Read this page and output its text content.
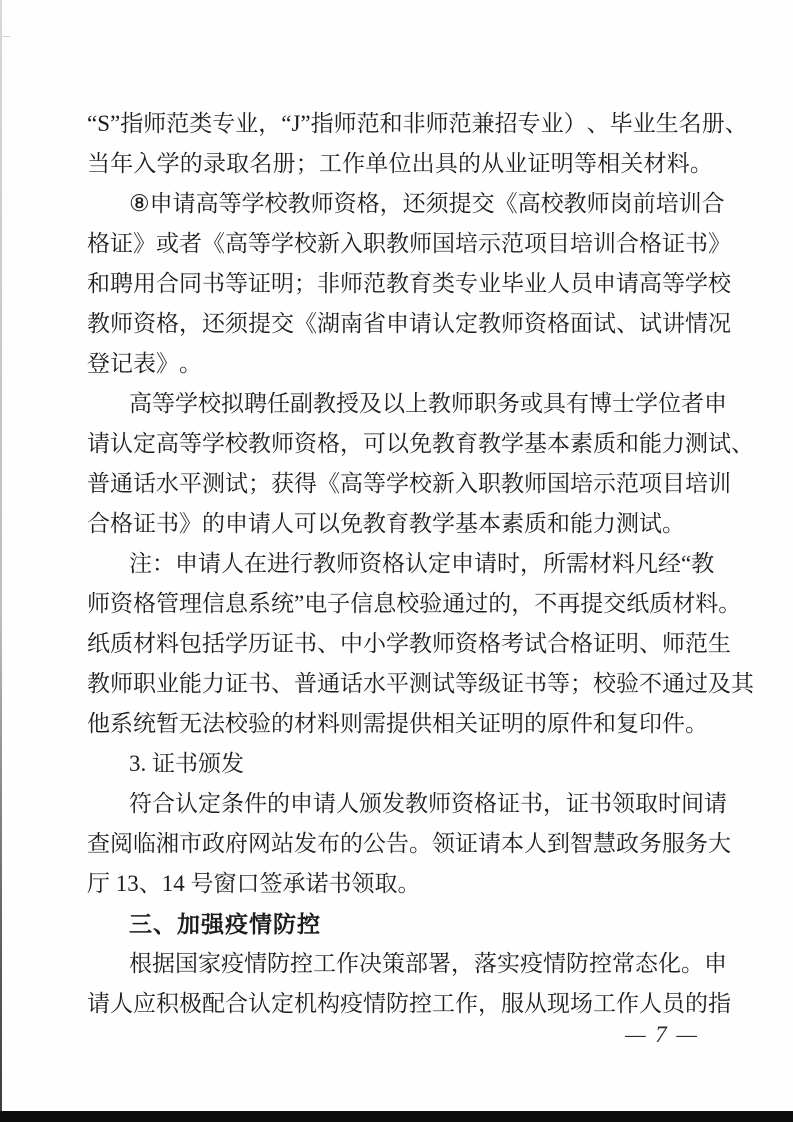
“ S ” 指 师 范 类 专 业 ， “ J ” 指 师 范 和 非 师 范 兼 招 专 业 ） 、 毕 业 生 名 册 、
当 年 入 学 的 录 取 名 册 ； 工 作 单 位 出 具 的 从 业 证 明 等 相 关 材 料 。
⑧ 申 请 高 等 学 校 教 师 资 格 ， 还 须 提 交 《 高 校 教 师 岗 前 培 训 合
格 证 》 或 者 《 高 等 学 校 新 入 职 教 师 国 培 示 范 项 目 培 训 合 格 证 书 》
和 聘 用 合 同 书 等 证 明 ； 非 师 范 教 育 类 专 业 毕 业 人 员 申 请 高 等 学 校
教 师 资 格 ， 还 须 提 交 《 湖 南 省 申 请 认 定 教 师 资 格 面 试 、 试 讲 情 况
登 记 表 》 。
高 等 学 校 拟 聘 任 副 教 授 及 以 上 教 师 职 务 或 具 有 博 士 学 位 者 申
请 认 定 高 等 学 校 教 师 资 格 ， 可 以 免 教 育 教 学 基 本 素 质 和 能 力 测 试 、
普 通 话 水 平 测 试 ； 获 得 《 高 等 学 校 新 入 职 教 师 国 培 示 范 项 目 培 训
合 格 证 书 》 的 申 请 人 可 以 免 教 育 教 学 基 本 素 质 和 能 力 测 试 。
注 ： 申 请 人 在 进 行 教 师 资 格 认 定 申 请 时 ， 所 需 材 料 凡 经 “ 教
师 资 格 管 理 信 息 系 统 ” 电 子 信 息 校 验 通 过 的 ， 不 再 提 交 纸 质 材 料 。
纸 质 材 料 包 括 学 历 证 书 、 中 小 学 教 师 资 格 考 试 合 格 证 明 、 师 范 生
教 师 职 业 能 力 证 书 、 普 通 话 水 平 测 试 等 级 证 书 等 ； 校 验 不 通 过 及 其
他 系 统 暂 无 法 校 验 的 材 料 则 需 提 供 相 关 证 明 的 原 件 和 复 印 件 。
3 .
证 书 颁 发
符 合 认 定 条 件 的 申 请 人 颁 发 教 师 资 格 证 书 ， 证 书 领 取 时 间 请
查 阅 临 湘 市 政 府 网 站 发 布 的 公 告 。 领 证 请 本 人 到 智 慧 政 务 服 务 大
厅
1 3 、 1 4
号 窗 口 签 承 诺 书 领 取 。
三 、 加 强 疫 情 防 控
根 据 国 家 疫 情 防 控 工 作 决 策 部 署 ， 落 实 疫 情 防 控 常 态 化 。 申
请 人 应 积 极 配 合 认 定 机 构 疫 情 防 控 工 作 ， 服 从 现 场 工 作 人 员 的 指
— 7 —
